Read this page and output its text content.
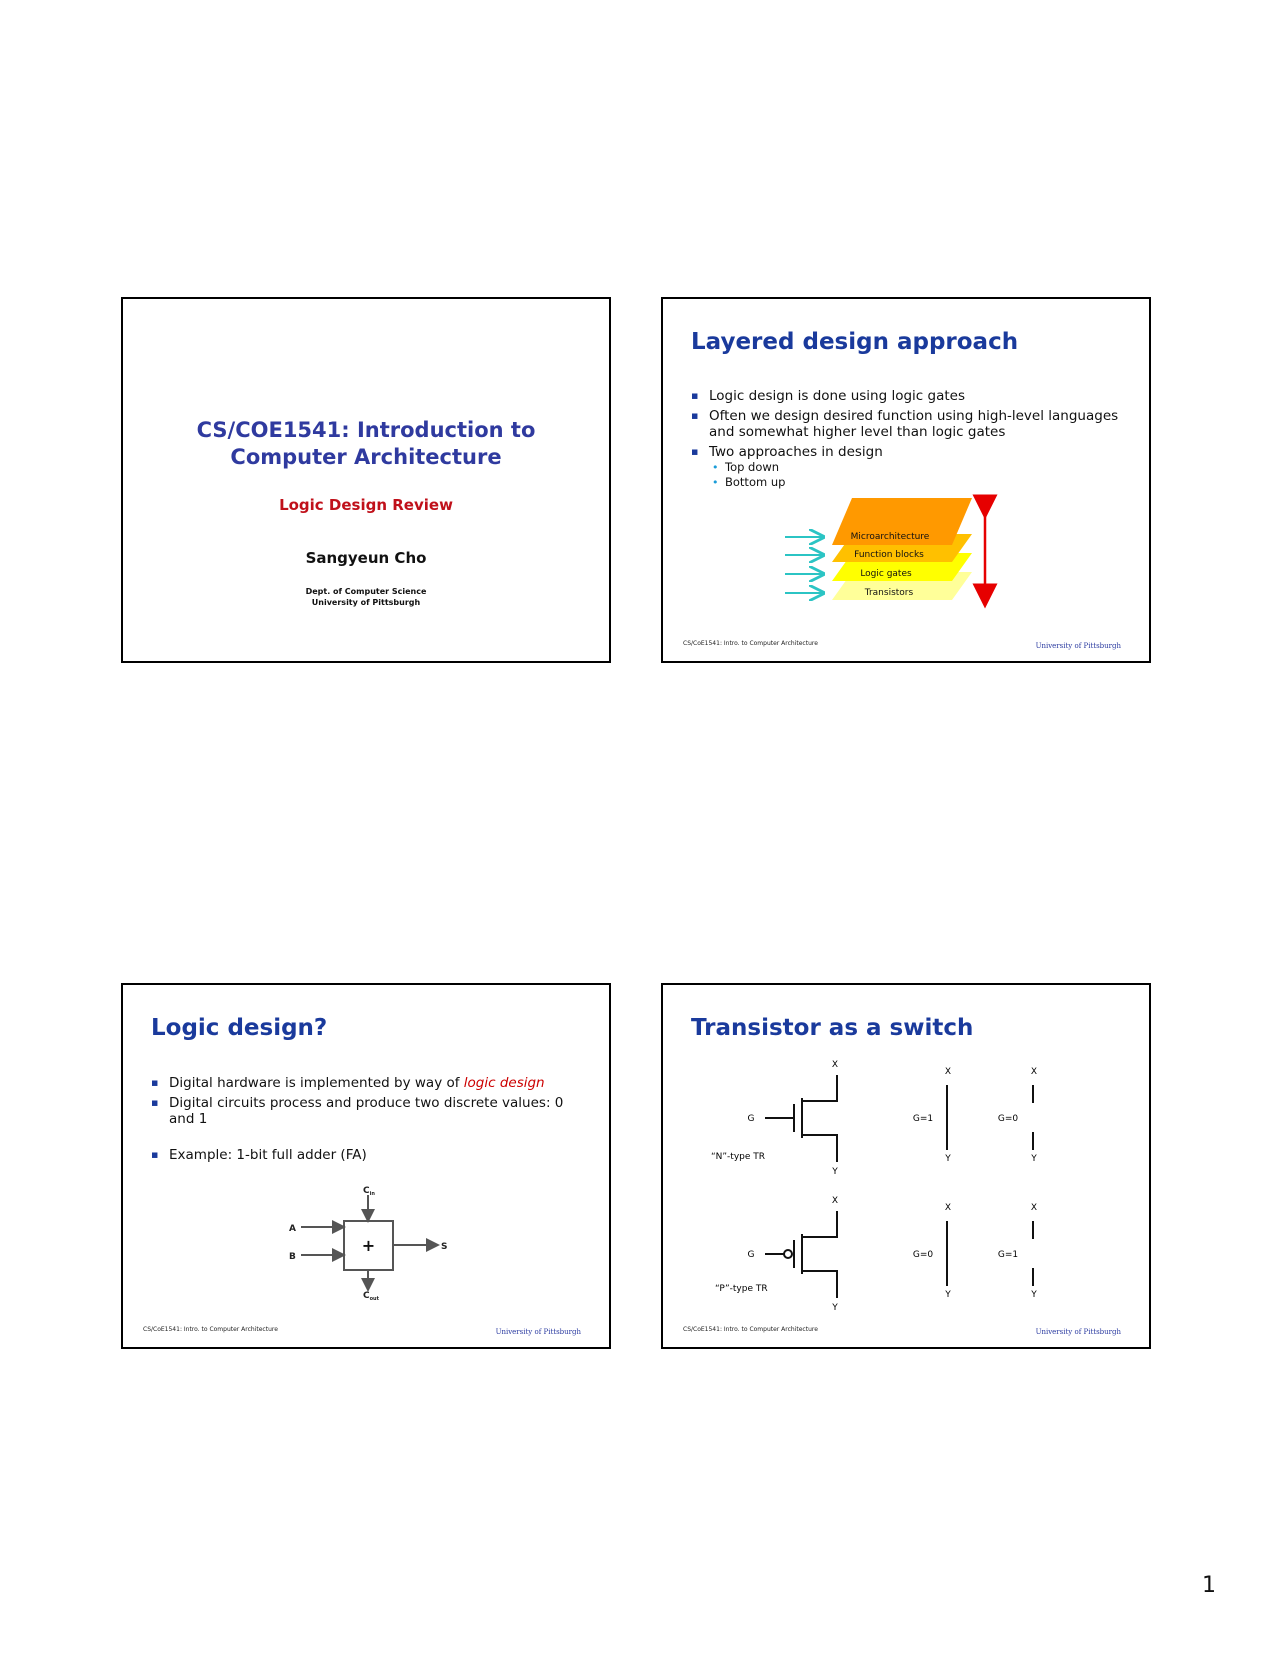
CS/COE1541: Introduction to
Computer Architecture
Logic Design Review
Sangyeun Cho
Dept. of Computer Science
University of Pittsburgh
Layered design approach
▪ Logic design is done using logic gates
▪ Often we design desired function using high-level languages and somewhat higher level than logic gates
▪ Two approaches in design
• Top down
• Bottom up
Microarchitecture
Function blocks
Logic gates
Transistors
CS/CoE1541: Intro. to Computer Architecture	University of Pittsburgh
Logic design?
▪ Digital hardware is implemented by way of logic design
▪ Digital circuits process and produce two discrete values: 0 and 1
▪ Example: 1-bit full adder (FA)
+
A
B
$C_{in}$
$C_{out}$
S
CS/CoE1541: Intro. to Computer Architecture	University of Pittsburgh
Transistor as a switch
X
Y
G
“N”-type TR
X
Y
G=1
X
Y
G=0
X
Y
G
“P”-type TR
X
Y
G=0
X
Y
G=1
CS/CoE1541: Intro. to Computer Architecture	University of Pittsburgh
1
